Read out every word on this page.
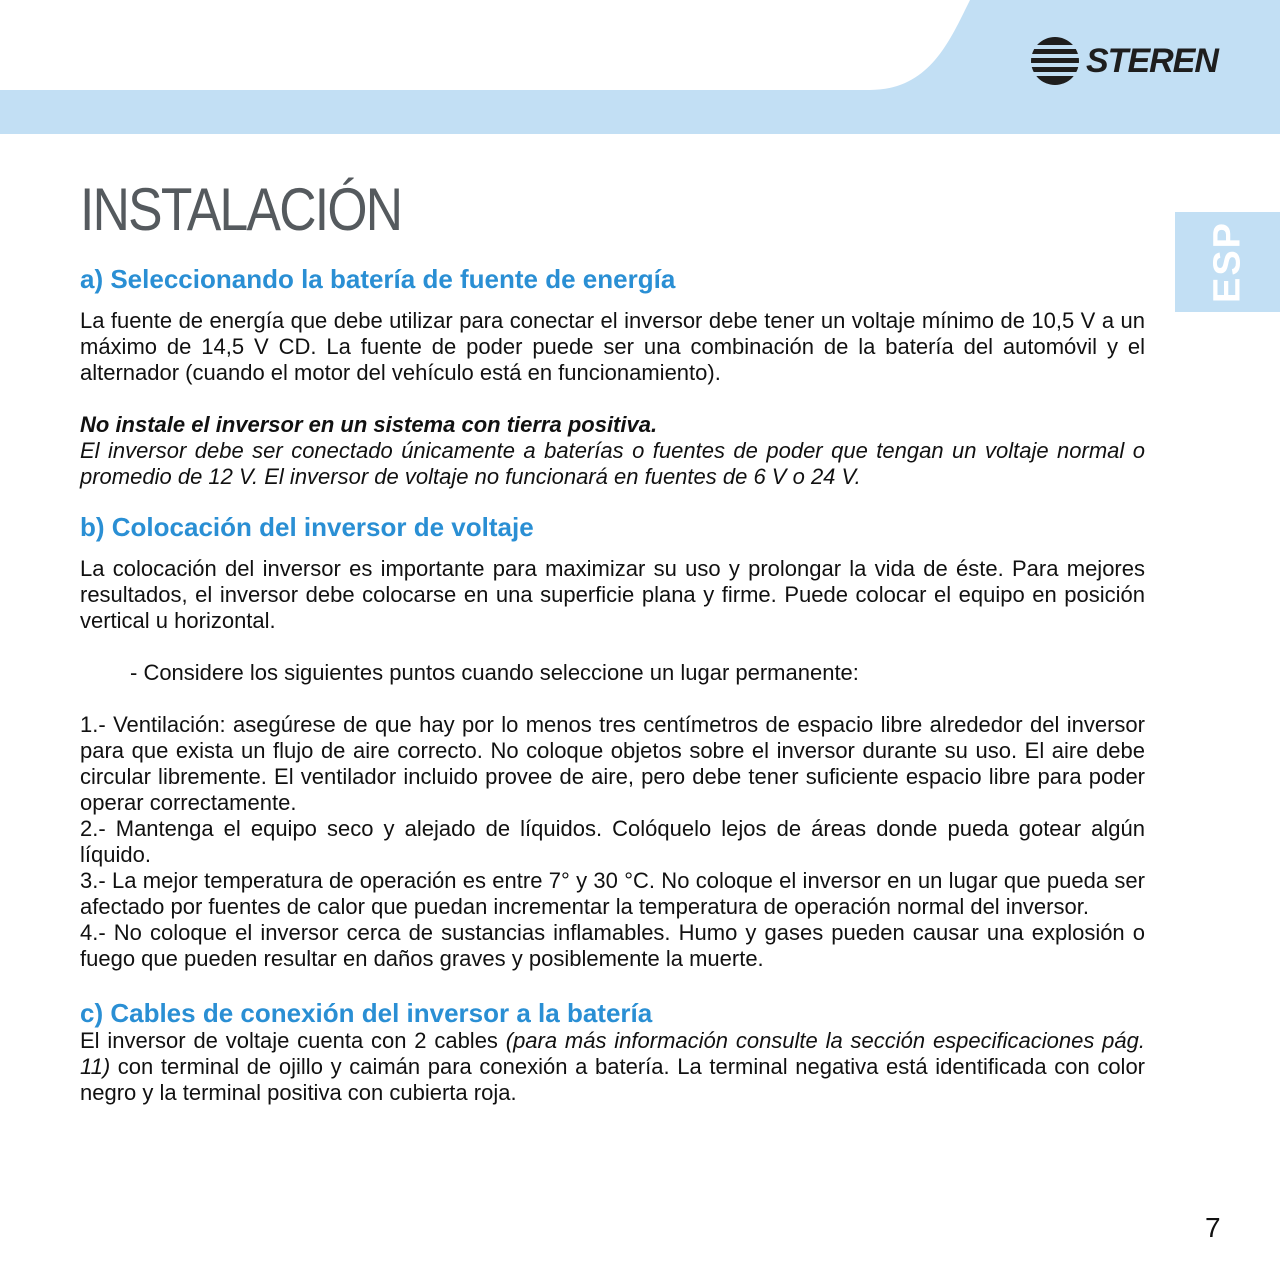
STEREN
ESP
INSTALACIÓN
a) Seleccionando la batería de fuente de energía

La fuente de energía que debe utilizar para conectar el inversor debe tener un voltaje mínimo de 10,5 V a un máximo de 14,5 V CD. La fuente de poder puede ser una combinación de la batería del automóvil y el alternador (cuando el motor del vehículo está en funcionamiento).

No instale el inversor en un sistema con tierra positiva.

El inversor debe ser conectado únicamente a baterías o fuentes de poder que tengan un voltaje normal o promedio de 12 V. El inversor de voltaje no funcionará en fuentes de 6 V o 24 V.

b) Colocación del inversor de voltaje

La colocación del inversor es importante para maximizar su uso y prolongar la vida de éste. Para mejores resultados, el inversor debe colocarse en una superficie plana y firme. Puede colocar el equipo en posición vertical u horizontal.

- Considere los siguientes puntos cuando seleccione un lugar permanente:

1.- Ventilación: asegúrese de que hay por lo menos tres centímetros de espacio libre alrededor del inversor para que exista un flujo de aire correcto. No coloque objetos sobre el inversor durante su uso. El aire debe circular libremente. El ventilador incluido provee de aire, pero debe tener suficiente espacio libre para poder operar correctamente.

2.- Mantenga el equipo seco y alejado de líquidos. Colóquelo lejos de áreas donde pueda gotear algún líquido.

3.- La mejor temperatura de operación es entre 7° y 30 °C. No coloque el inversor en un lugar que pueda ser afectado por fuentes de calor que puedan incrementar la temperatura de operación normal del inversor.

4.- No coloque el inversor cerca de sustancias inflamables. Humo y gases pueden causar una explosión o fuego que pueden resultar en daños graves y posiblemente la muerte.

c) Cables de conexión del inversor a la batería

El inversor de voltaje cuenta con 2 cables (para más información consulte la sección especificaciones pág. 11) con terminal de ojillo y caimán para conexión a batería. La terminal negativa está identificada con color negro y la terminal positiva con cubierta roja.

7
